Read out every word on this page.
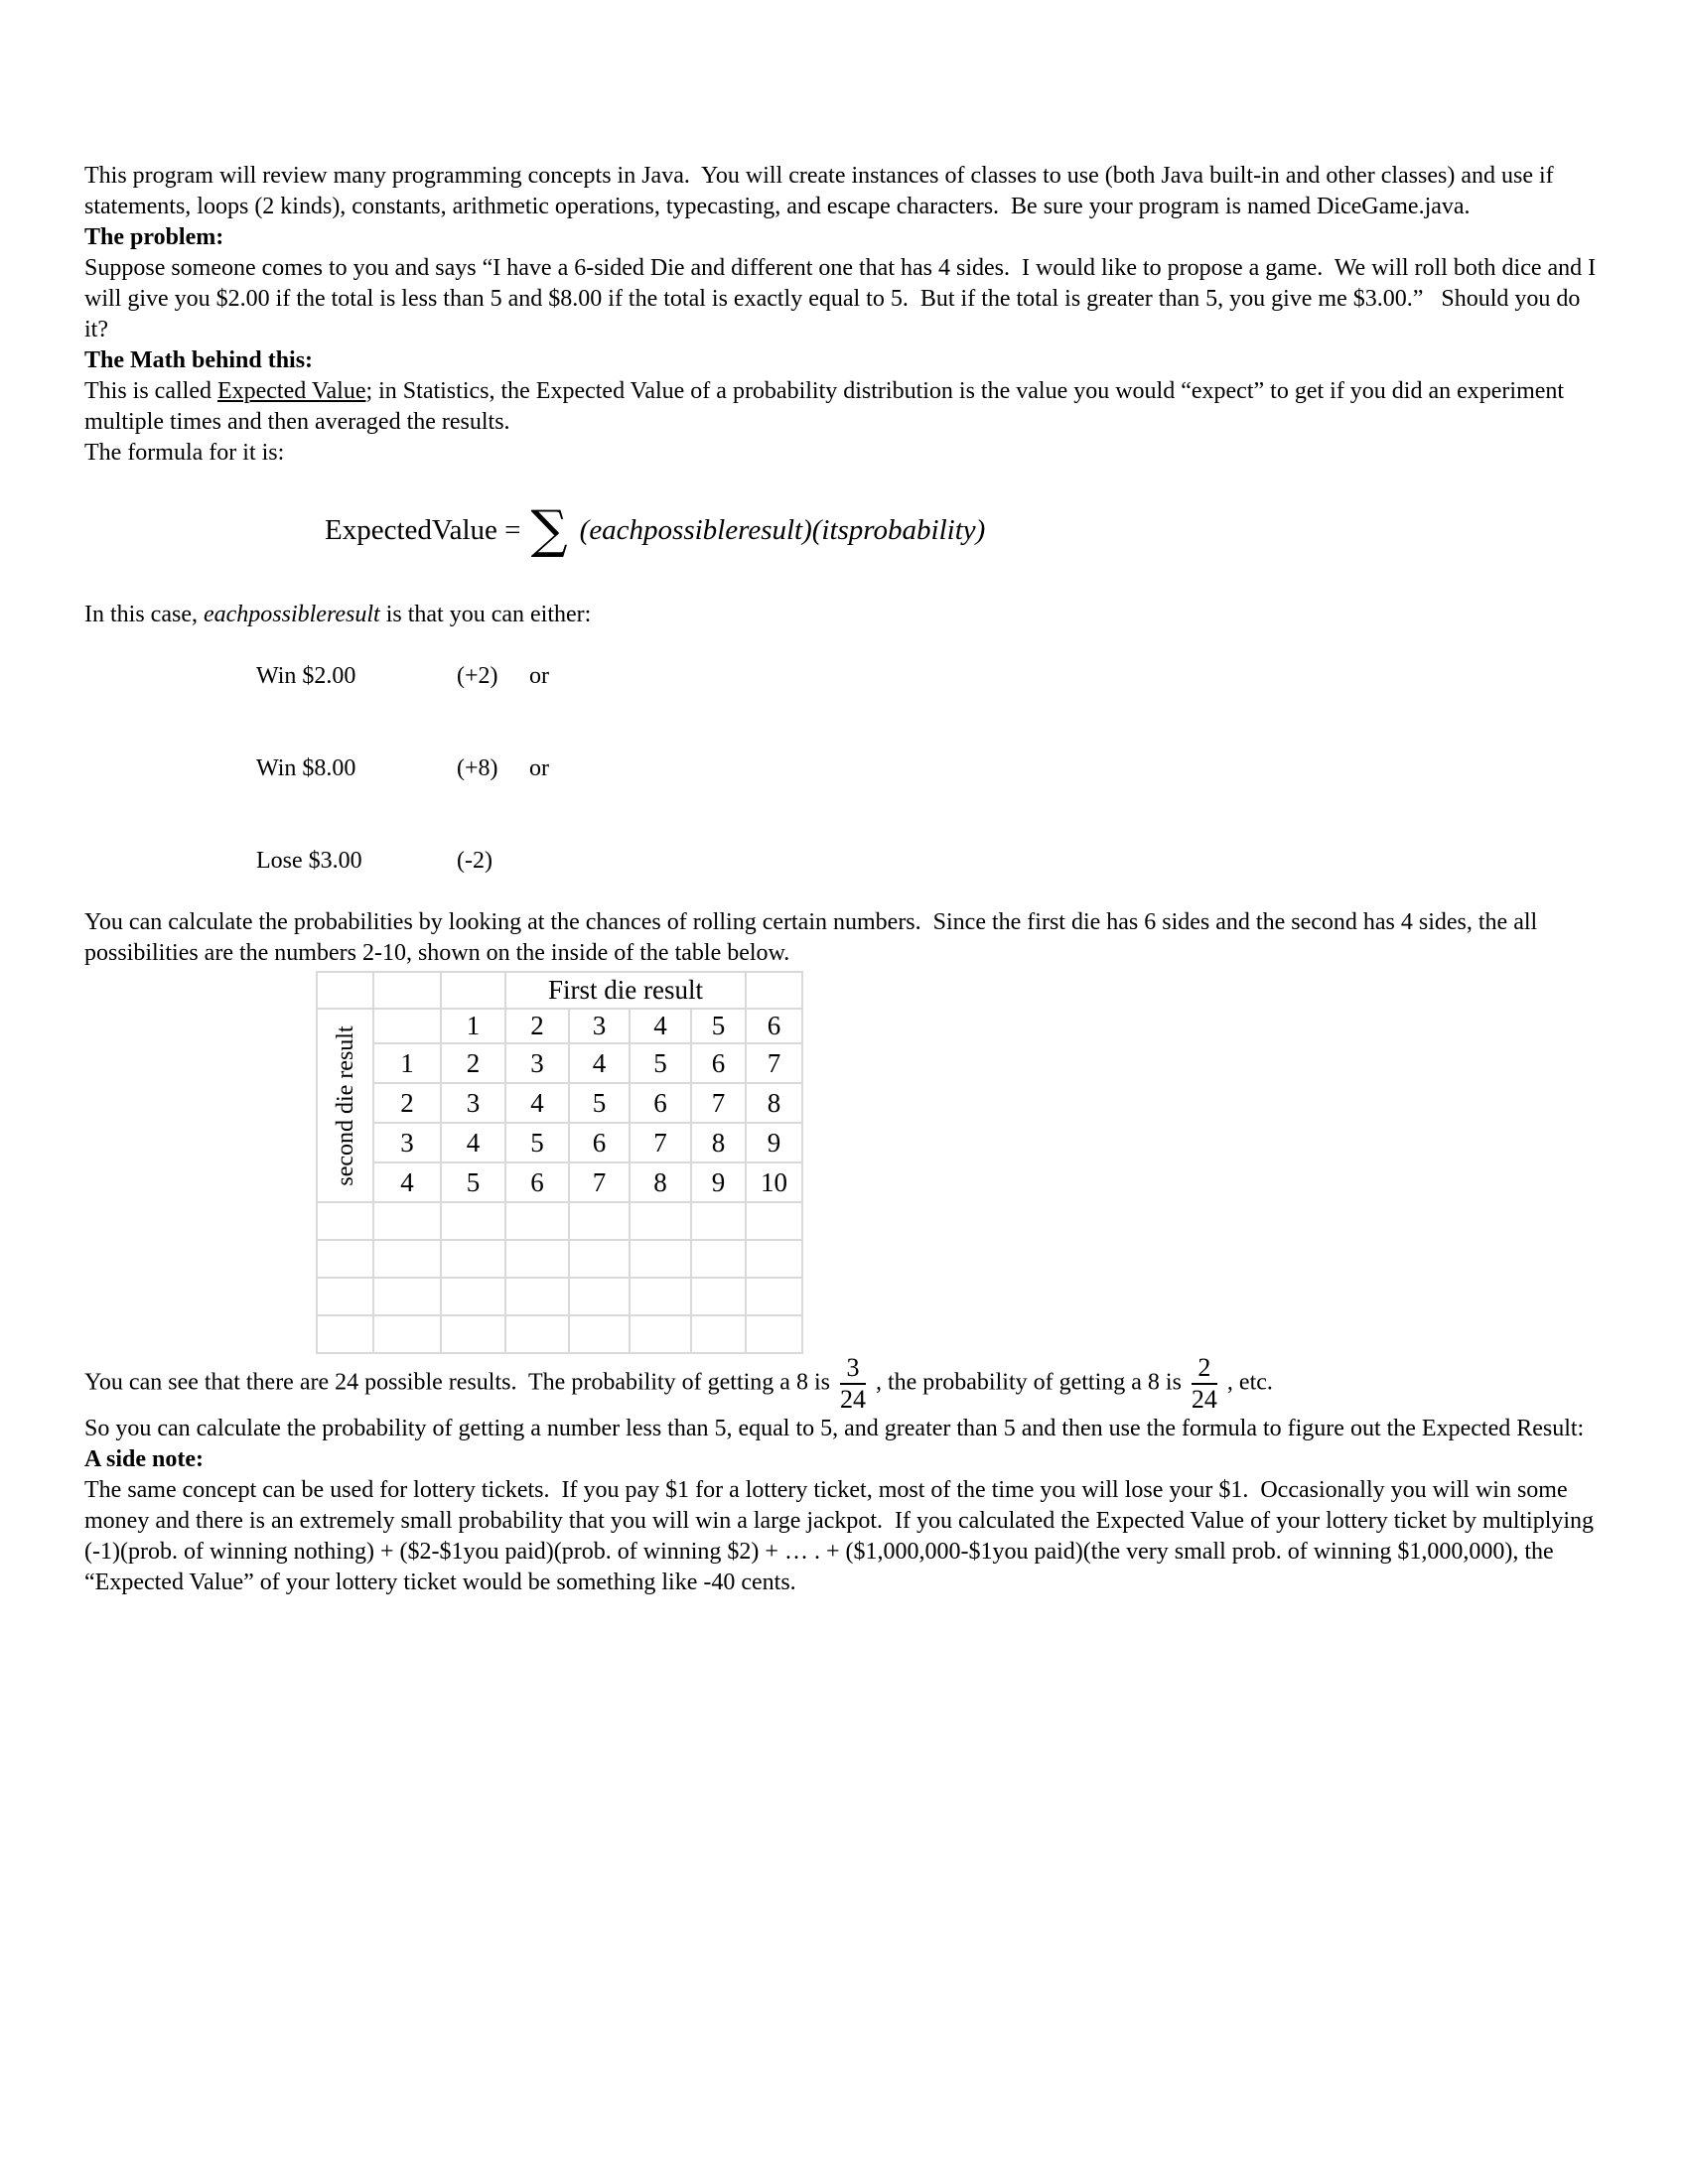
This program will review many programming concepts in Java.  You will create instances of classes to use (both Java built-in and other classes) and use if statements, loops (2 kinds), constants, arithmetic operations, typecasting, and escape characters.  Be sure your program is named DiceGame.java.

The problem:

Suppose someone comes to you and says “I have a 6-sided Die and different one that has 4 sides.  I would like to propose a game.  We will roll both dice and I will give you $2.00 if the total is less than 5 and $8.00 if the total is exactly equal to 5.  But if the total is greater than 5, you give me $3.00.”   Should you do it?

The Math behind this:

This is called Expected Value; in Statistics, the Expected Value of a probability distribution is the value you would “expect” to get if you did an experiment multiple times and then averaged the results.

The formula for it is:

ExpectedValue = ∑ (eachpossibleresult)(itsprobability)

In this case, eachpossibleresult is that you can either:

Win $2.00	(+2) or

Win $8.00	(+8) or

Lose $3.00	(-2)

You can calculate the probabilities by looking at the chances of rolling certain numbers.  Since the first die has 6 sides and the second has 4 sides, the all possibilities are the numbers 2-10, shown on the inside of the table below.

			First die result				

second die result		1	2	3	4	5	6
	1	2	3	4	5	6	7
	2	3	4	5	6	7	8
	3	4	5	6	7	8	9
	4	5	6	7	8	9	10

You can see that there are 24 possible results.  The probability of getting a 8 is $\frac{3}{24}$ , the probability of getting a 8 is $\frac{2}{24}$ , etc.

So you can calculate the probability of getting a number less than 5, equal to 5, and greater than 5 and then use the formula to figure out the Expected Result:

A side note:

The same concept can be used for lottery tickets.  If you pay $1 for a lottery ticket, most of the time you will lose your $1.  Occasionally you will win some money and there is an extremely small probability that you will win a large jackpot.  If you calculated the Expected Value of your lottery ticket by multiplying  (-1)(prob. of winning nothing) + ($2-$1you paid)(prob. of winning $2) + … . + ($1,000,000-$1you paid)(the very small prob. of winning $1,000,000), the “Expected Value” of your lottery ticket would be something like -40 cents.
